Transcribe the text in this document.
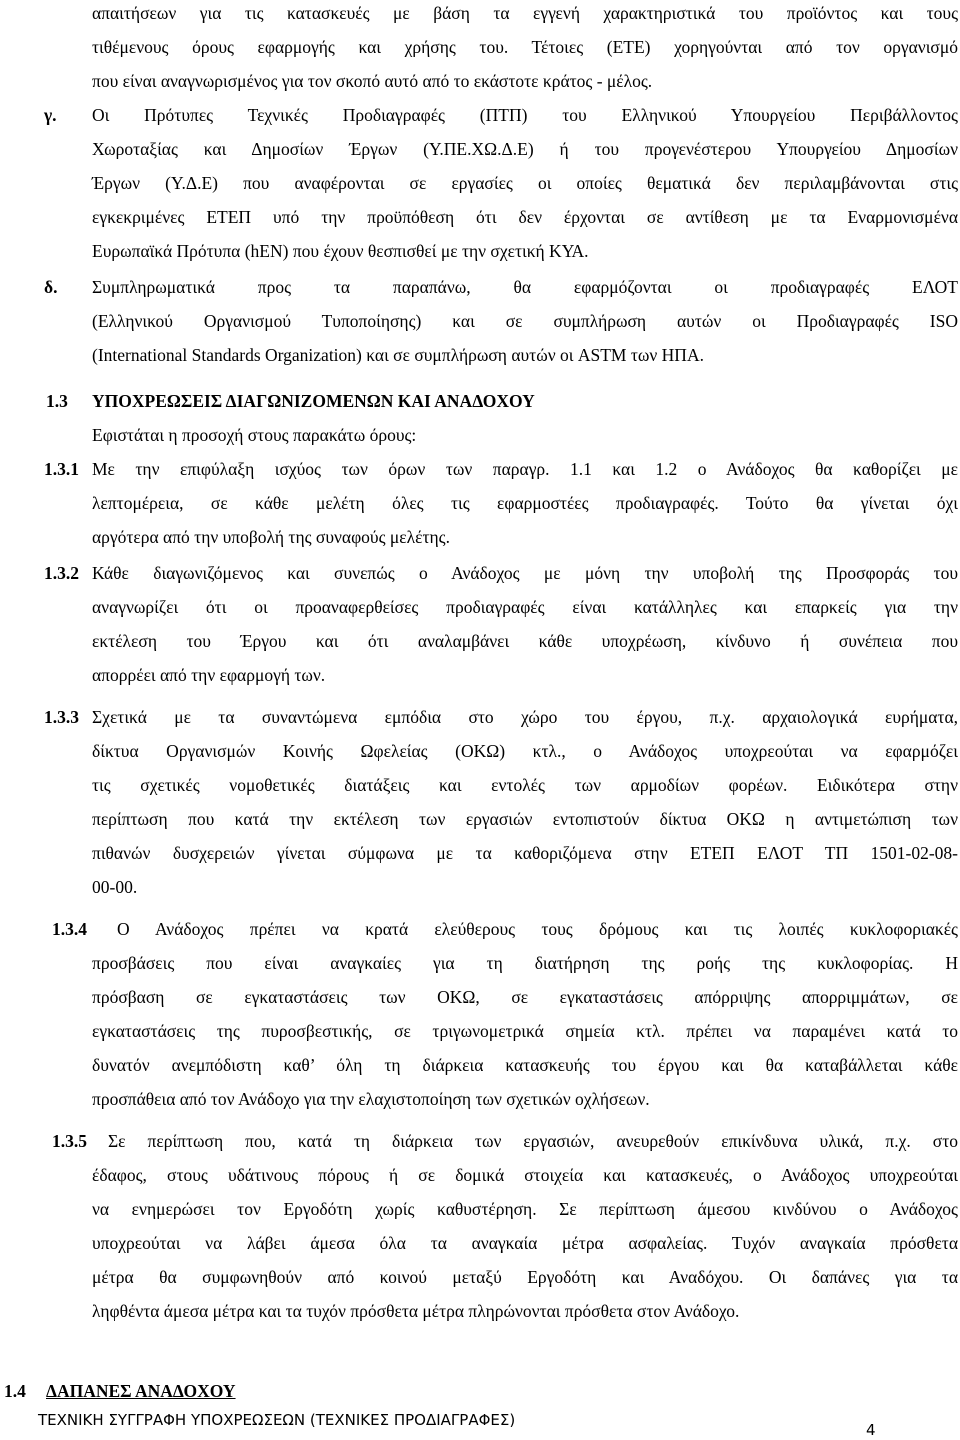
απαιτήσεων για τις κατασκευές με βάση τα εγγενή χαρακτηριστικά του προϊόντος και τους
τιθέμενους όρους εφαρμογής και χρήσης του. Τέτοιες (ΕΤΕ) χορηγούνται από τον οργανισμό
που είναι αναγνωρισμένος για τον σκοπό αυτό από το εκάστοτε κράτος - μέλος.
γ. Οι Πρότυπες Τεχνικές Προδιαγραφές (ΠΤΠ) του Ελληνικού Υπουργείου Περιβάλλοντος
Χωροταξίας και Δημοσίων Έργων (Υ.ΠΕ.ΧΩ.Δ.Ε) ή του προγενέστερου Υπουργείου Δημοσίων
Έργων (Υ.Δ.Ε) που αναφέρονται σε εργασίες οι οποίες θεματικά δεν περιλαμβάνονται στις
εγκεκριμένες ΕΤΕΠ υπό την προϋπόθεση ότι δεν έρχονται σε αντίθεση με τα Εναρμονισμένα
Ευρωπαϊκά Πρότυπα (hEN) που έχουν θεσπισθεί με την σχετική ΚΥΑ.
δ. Συμπληρωματικά προς τα παραπάνω, θα εφαρμόζονται οι προδιαγραφές ΕΛΟΤ
(Ελληνικού Οργανισμού Τυποποίησης) και σε συμπλήρωση αυτών οι Προδιαγραφές ISO
(International Standards Organization) και σε συμπλήρωση αυτών οι ASTM των ΗΠΑ.
1.3 ΥΠΟΧΡΕΩΣΕΙΣ ΔΙΑΓΩΝΙΖΟΜΕΝΩΝ ΚΑΙ ΑΝΑΔΟΧΟΥ
Εφιστάται η προσοχή στους παρακάτω όρους:
1.3.1 Με την επιφύλαξη ισχύος των όρων των παραγρ. 1.1 και 1.2 ο Ανάδοχος θα καθορίζει με
λεπτομέρεια, σε κάθε μελέτη όλες τις εφαρμοστέες προδιαγραφές. Τούτο θα γίνεται όχι
αργότερα από την υποβολή της συναφούς μελέτης.
1.3.2 Κάθε διαγωνιζόμενος και συνεπώς ο Ανάδοχος με μόνη την υποβολή της Προσφοράς του
αναγνωρίζει ότι οι προαναφερθείσες προδιαγραφές είναι κατάλληλες και επαρκείς για την
εκτέλεση του Έργου και ότι αναλαμβάνει κάθε υποχρέωση, κίνδυνο ή συνέπεια που
απορρέει από την εφαρμογή των.
1.3.3 Σχετικά με τα συναντώμενα εμπόδια στο χώρο του έργου, π.χ. αρχαιολογικά ευρήματα,
δίκτυα Οργανισμών Κοινής Ωφελείας (ΟΚΩ) κτλ., ο Ανάδοχος υποχρεούται να εφαρμόζει
τις σχετικές νομοθετικές διατάξεις και εντολές των αρμοδίων φορέων. Ειδικότερα στην
περίπτωση που κατά την εκτέλεση των εργασιών εντοπιστούν δίκτυα ΟΚΩ η αντιμετώπιση των
πιθανών δυσχερειών γίνεται σύμφωνα με τα καθοριζόμενα στην ΕΤΕΠ ΕΛΟΤ ΤΠ 1501-02-08-
00-00.
1.3.4 Ο Ανάδοχος πρέπει να κρατά ελεύθερους τους δρόμους και τις λοιπές κυκλοφοριακές
προσβάσεις που είναι αναγκαίες για τη διατήρηση της ροής της κυκλοφορίας. Η
πρόσβαση σε εγκαταστάσεις των ΟΚΩ, σε εγκαταστάσεις απόρριψης απορριμμάτων, σε
εγκαταστάσεις της πυροσβεστικής, σε τριγωνομετρικά σημεία κτλ. πρέπει να παραμένει κατά το
δυνατόν ανεμπόδιστη καθ’ όλη τη διάρκεια κατασκευής του έργου και θα καταβάλλεται κάθε
προσπάθεια από τον Ανάδοχο για την ελαχιστοποίηση των σχετικών οχλήσεων.
1.3.5 Σε περίπτωση που, κατά τη διάρκεια των εργασιών, ανευρεθούν επικίνδυνα υλικά, π.χ. στο
έδαφος, στους υδάτινους πόρους ή σε δομικά στοιχεία και κατασκευές, ο Ανάδοχος υποχρεούται
να ενημερώσει τον Εργοδότη χωρίς καθυστέρηση. Σε περίπτωση άμεσου κινδύνου ο Ανάδοχος
υποχρεούται να λάβει άμεσα όλα τα αναγκαία μέτρα ασφαλείας. Τυχόν αναγκαία πρόσθετα
μέτρα θα συμφωνηθούν από κοινού μεταξύ Εργοδότη και Αναδόχου. Οι δαπάνες για τα
ληφθέντα άμεσα μέτρα και τα τυχόν πρόσθετα μέτρα πληρώνονται πρόσθετα στον Ανάδοχο.
1.4 ΔΑΠΑΝΕΣ ΑΝΑΔΟΧΟΥ
ΤΕΧΝΙΚΗ ΣΥΓΓΡΑΦΗ ΥΠΟΧΡΕΩΣΕΩΝ (ΤΕΧΝΙΚΕΣ ΠΡΟΔΙΑΓΡΑΦΕΣ)
4
